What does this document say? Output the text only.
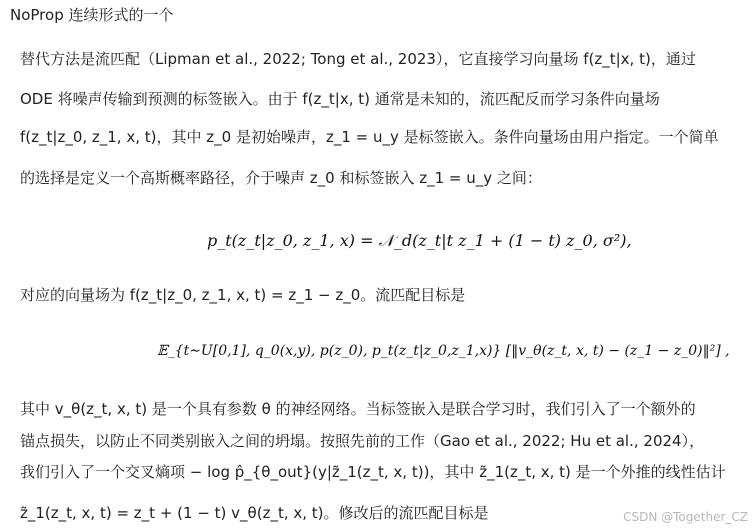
NoProp 连续形式的一个
替代方法是流匹配（Lipman et al., 2022; Tong et al., 2023），它直接学习向量场 f(z_t|x, t)，通过
ODE 将噪声传输到预测的标签嵌入。由于 f(z_t|x, t) 通常是未知的，流匹配反而学习条件向量场
f(z_t|z_0, z_1, x, t)，其中 z_0 是初始噪声，z_1 = u_y 是标签嵌入。条件向量场由用户指定。一个简单
的选择是定义一个高斯概率路径，介于噪声 z_0 和标签嵌入 z_1 = u_y 之间：
p_t(z_t|z_0, z_1, x) = 𝒩_d(z_t|t z_1 + (1 − t) z_0, σ²),
对应的向量场为 f(z_t|z_0, z_1, x, t) = z_1 − z_0。流匹配目标是
𝔼_{t∼U[0,1], q_0(x,y), p(z_0), p_t(z_t|z_0,z_1,x)} [‖v_θ(z_t, x, t) − (z_1 − z_0)‖²] ,
其中 v_θ(z_t, x, t) 是一个具有参数 θ 的神经网络。当标签嵌入是联合学习时，我们引入了一个额外的
锚点损失，以防止不同类别嵌入之间的坍塌。按照先前的工作（Gao et al., 2022; Hu et al., 2024），
我们引入了一个交叉熵项 − log p̂_{θ_out}(y|z̃_1(z_t, x, t))，其中 z̃_1(z_t, x, t) 是一个外推的线性估计
z̃_1(z_t, x, t) = z_t + (1 − t) v_θ(z_t, x, t)。修改后的流匹配目标是	CSDN @Together_CZ
